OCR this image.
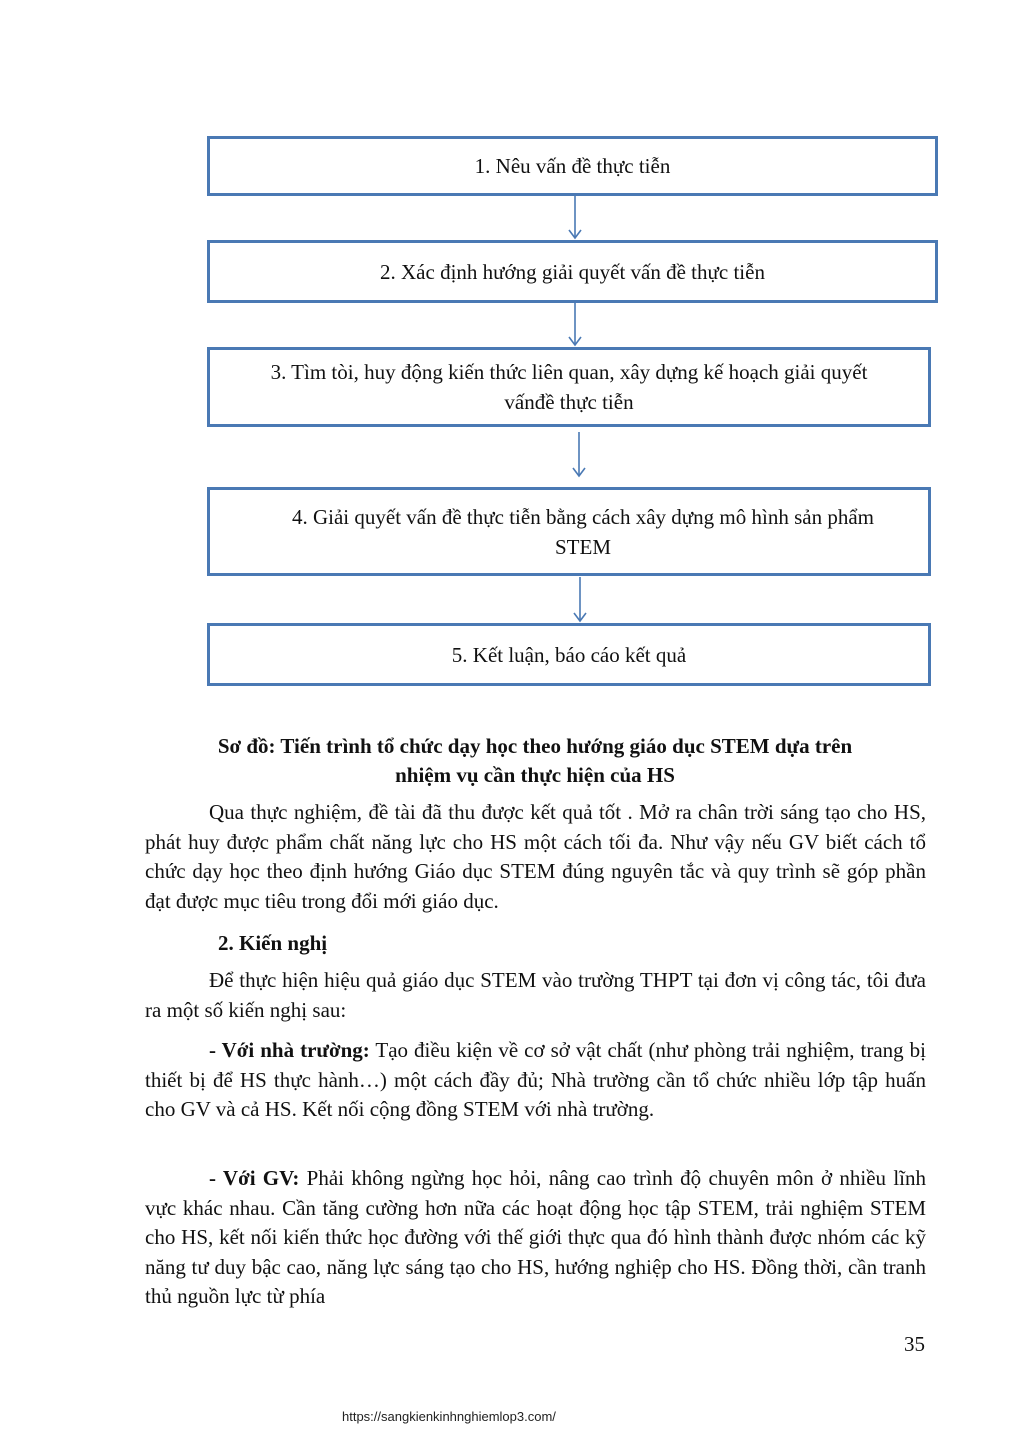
1. Nêu vấn đề thực tiễn
2. Xác định hướng giải quyết vấn đề thực tiễn
3. Tìm tòi, huy động kiến thức liên quan, xây dựng kế hoạch giải quyết
vấnđề thực tiễn
4. Giải quyết vấn đề thực tiễn bằng cách xây dựng mô hình sản phẩm
STEM
5. Kết luận, báo cáo kết quả
Sơ đồ: Tiến trình tổ chức dạy học theo hướng giáo dục STEM dựa trên
nhiệm vụ cần thực hiện của HS

Qua thực nghiệm, đề tài đã thu được kết quả tốt . Mở ra chân trời sáng tạo cho HS, phát huy được phẩm chất năng lực cho HS một cách tối đa. Như vậy nếu GV biết cách tổ chức dạy học theo định hướng Giáo dục STEM đúng nguyên tắc và quy trình sẽ góp phần đạt được mục tiêu trong đổi mới giáo dục.

2. Kiến nghị

Để thực hiện hiệu quả giáo dục STEM vào trường THPT tại đơn vị công tác, tôi đưa ra một số kiến nghị sau:

- Với nhà trường: Tạo điều kiện về cơ sở vật chất (như phòng trải nghiệm, trang bị thiết bị để HS thực hành…) một cách đầy đủ; Nhà trường cần tổ chức nhiều lớp tập huấn cho GV và cả HS. Kết nối cộng đồng STEM với nhà trường.

- Với GV: Phải không ngừng học hỏi, nâng cao trình độ chuyên môn ở nhiều lĩnh vực khác nhau. Cần tăng cường hơn nữa các hoạt động học tập STEM, trải nghiệm STEM cho HS, kết nối kiến thức học đường với thế giới thực qua đó hình thành được nhóm các kỹ năng tư duy bậc cao, năng lực sáng tạo cho HS, hướng nghiệp cho HS. Đồng thời, cần tranh thủ nguồn lực từ phía

35
https://sangkienkinhnghiemlop3.com/
